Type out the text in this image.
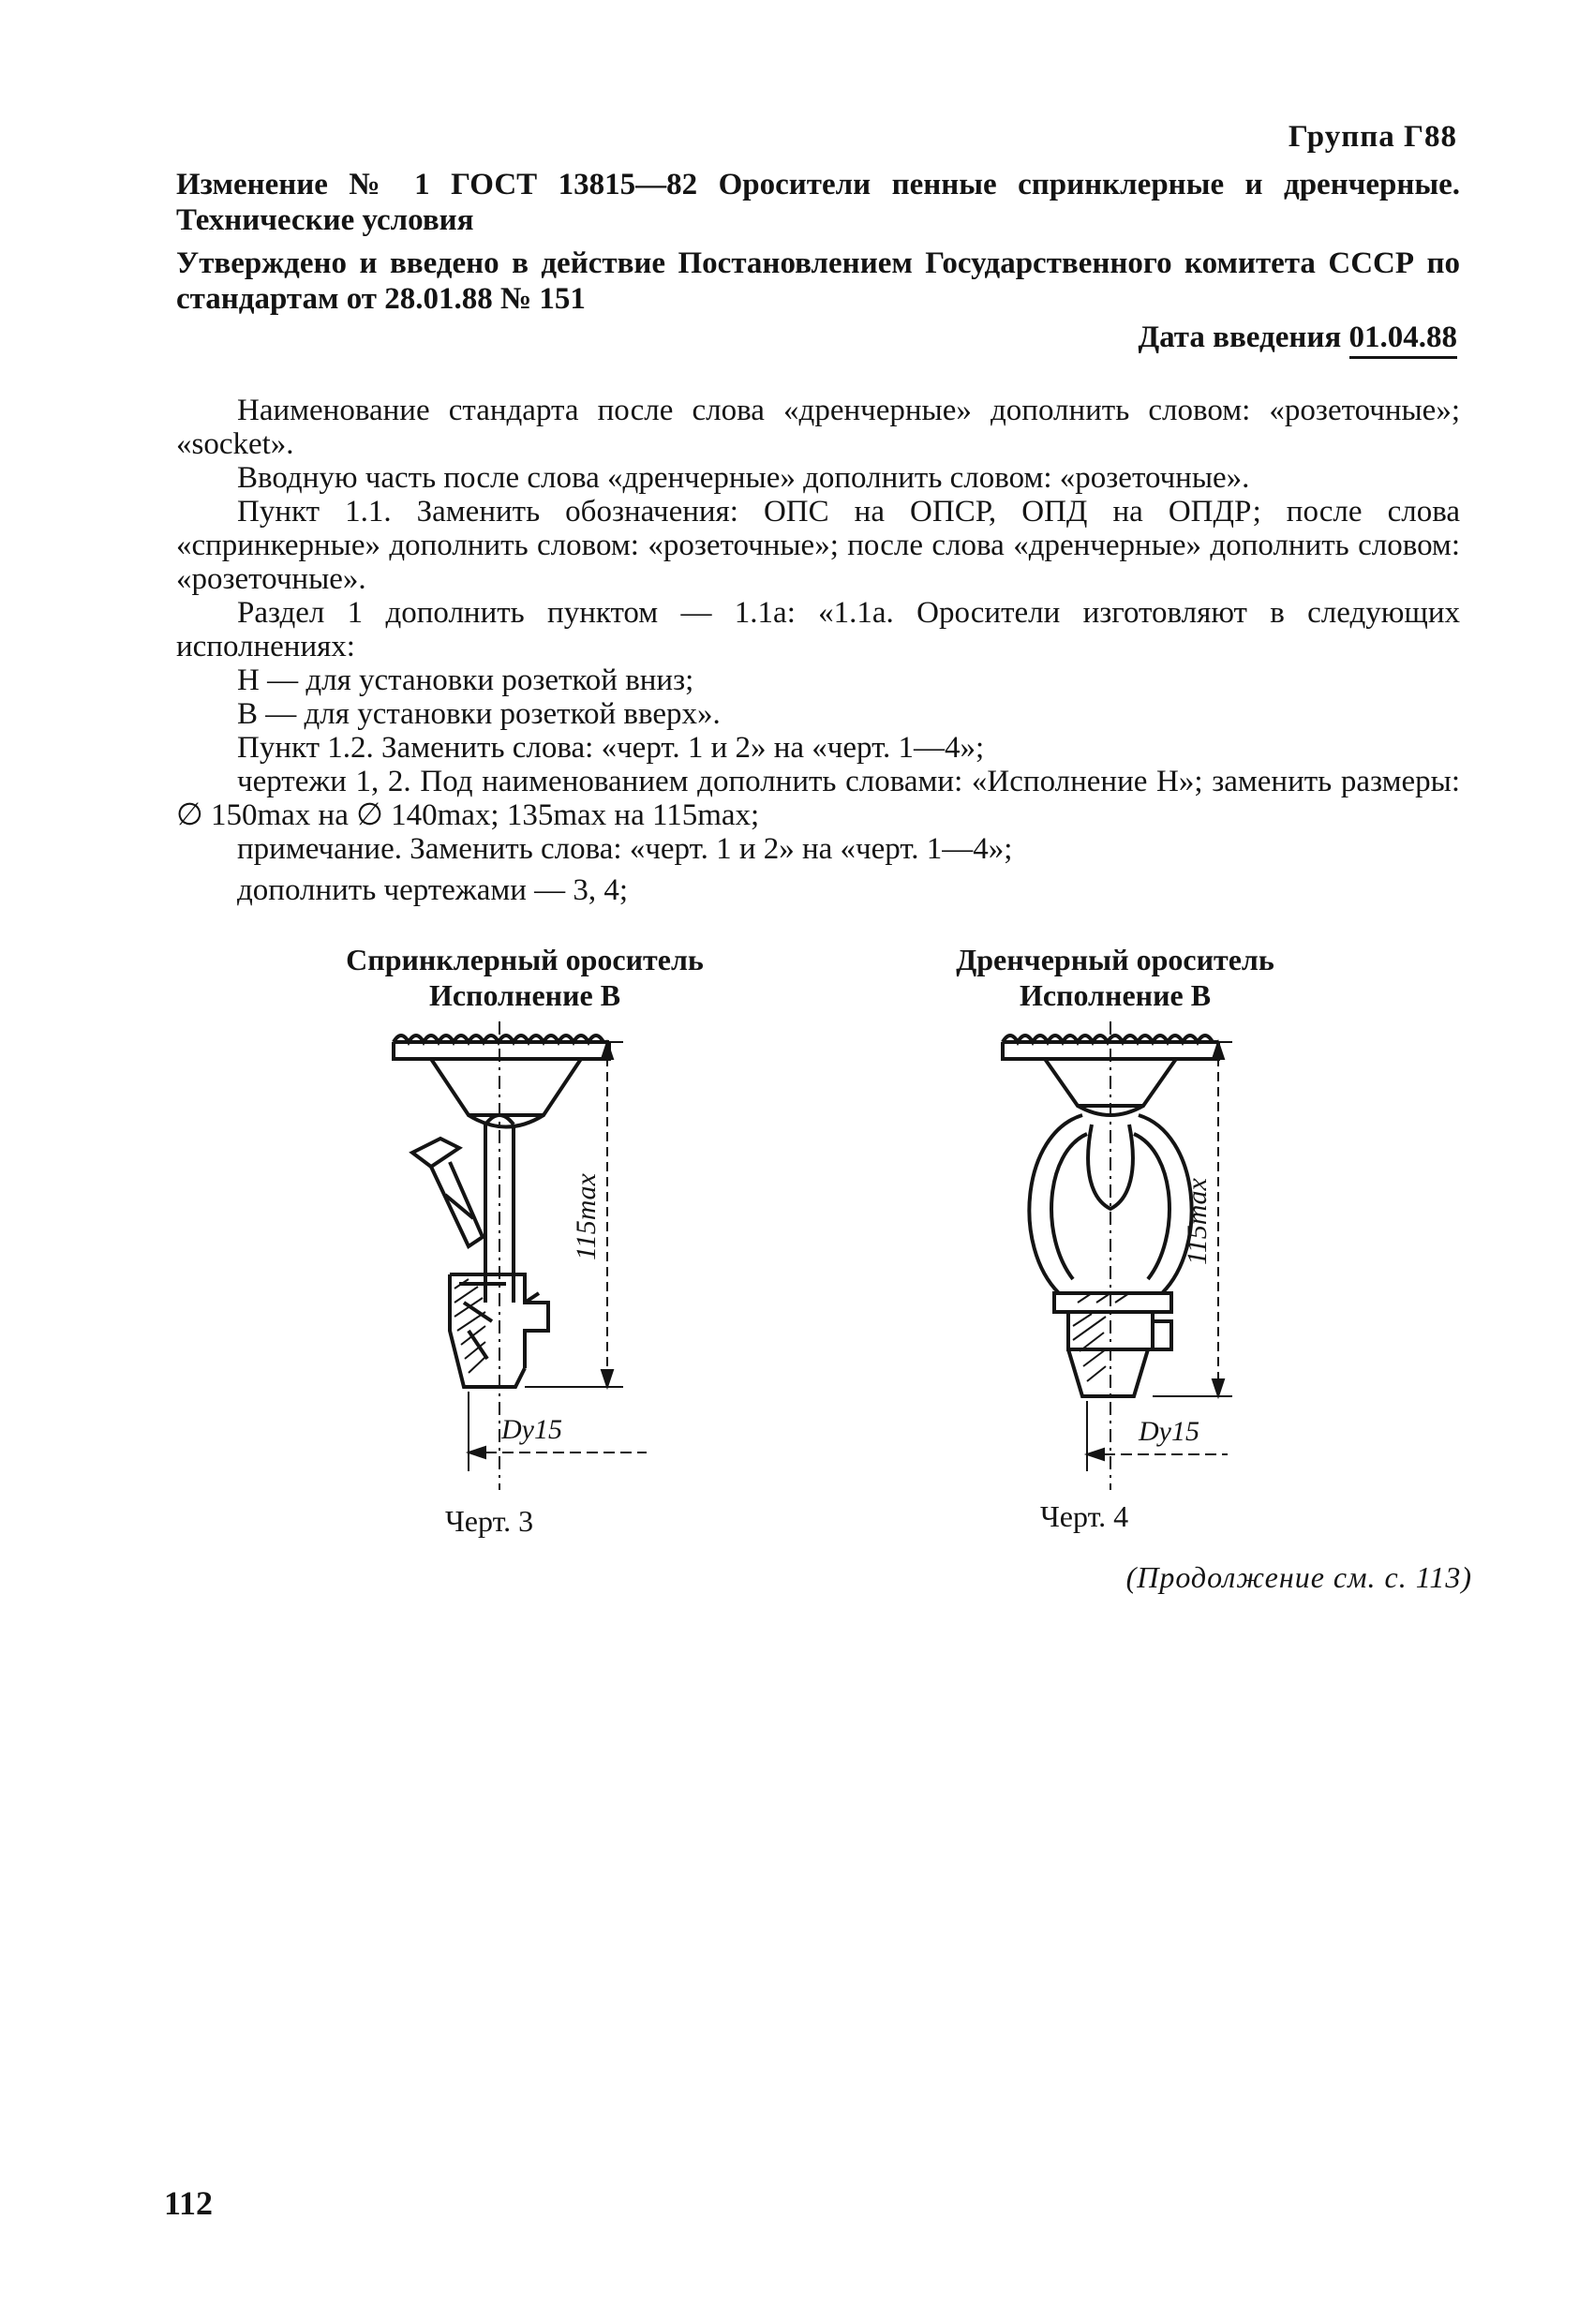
Группа Г88
Изменение № 1 ГОСТ 13815—82 Оросители пенные спринклерные и дренчерные. Технические условия
Утверждено и введено в действие Постановлением Государственного комитета СССР по стандартам от 28.01.88 № 151
Дата введения 01.04.88

Наименование стандарта после слова «дренчерные» дополнить словом: «розеточные»; «socket».

Вводную часть после слова «дренчерные» дополнить словом: «розеточные».

Пункт 1.1. Заменить обозначения: ОПС на ОПСР, ОПД на ОПДР; после слова «спринкерные» дополнить словом: «розеточные»; после слова «дренчерные» дополнить словом: «розеточные».

Раздел 1 дополнить пунктом — 1.1а: «1.1а. Оросители изготовляют в следующих исполнениях:

Н — для установки розеткой вниз;

В — для установки розеткой вверх».

Пункт 1.2. Заменить слова: «черт. 1 и 2» на «черт. 1—4»;

чертежи 1, 2. Под наименованием дополнить словами: «Исполнение Н»; заменить размеры: ∅ 150max на ∅ 140max; 135max на 115max;

примечание. Заменить слова: «черт. 1 и 2» на «черт. 1—4»;

дополнить чертежами — 3, 4;

Спринклерный ороситель
Исполнение В
115max
Dy15
Черт. 3
Дренчерный ороситель
Исполнение В
115max
Dy15
Черт. 4
(Продолжение см. с. 113)
112
